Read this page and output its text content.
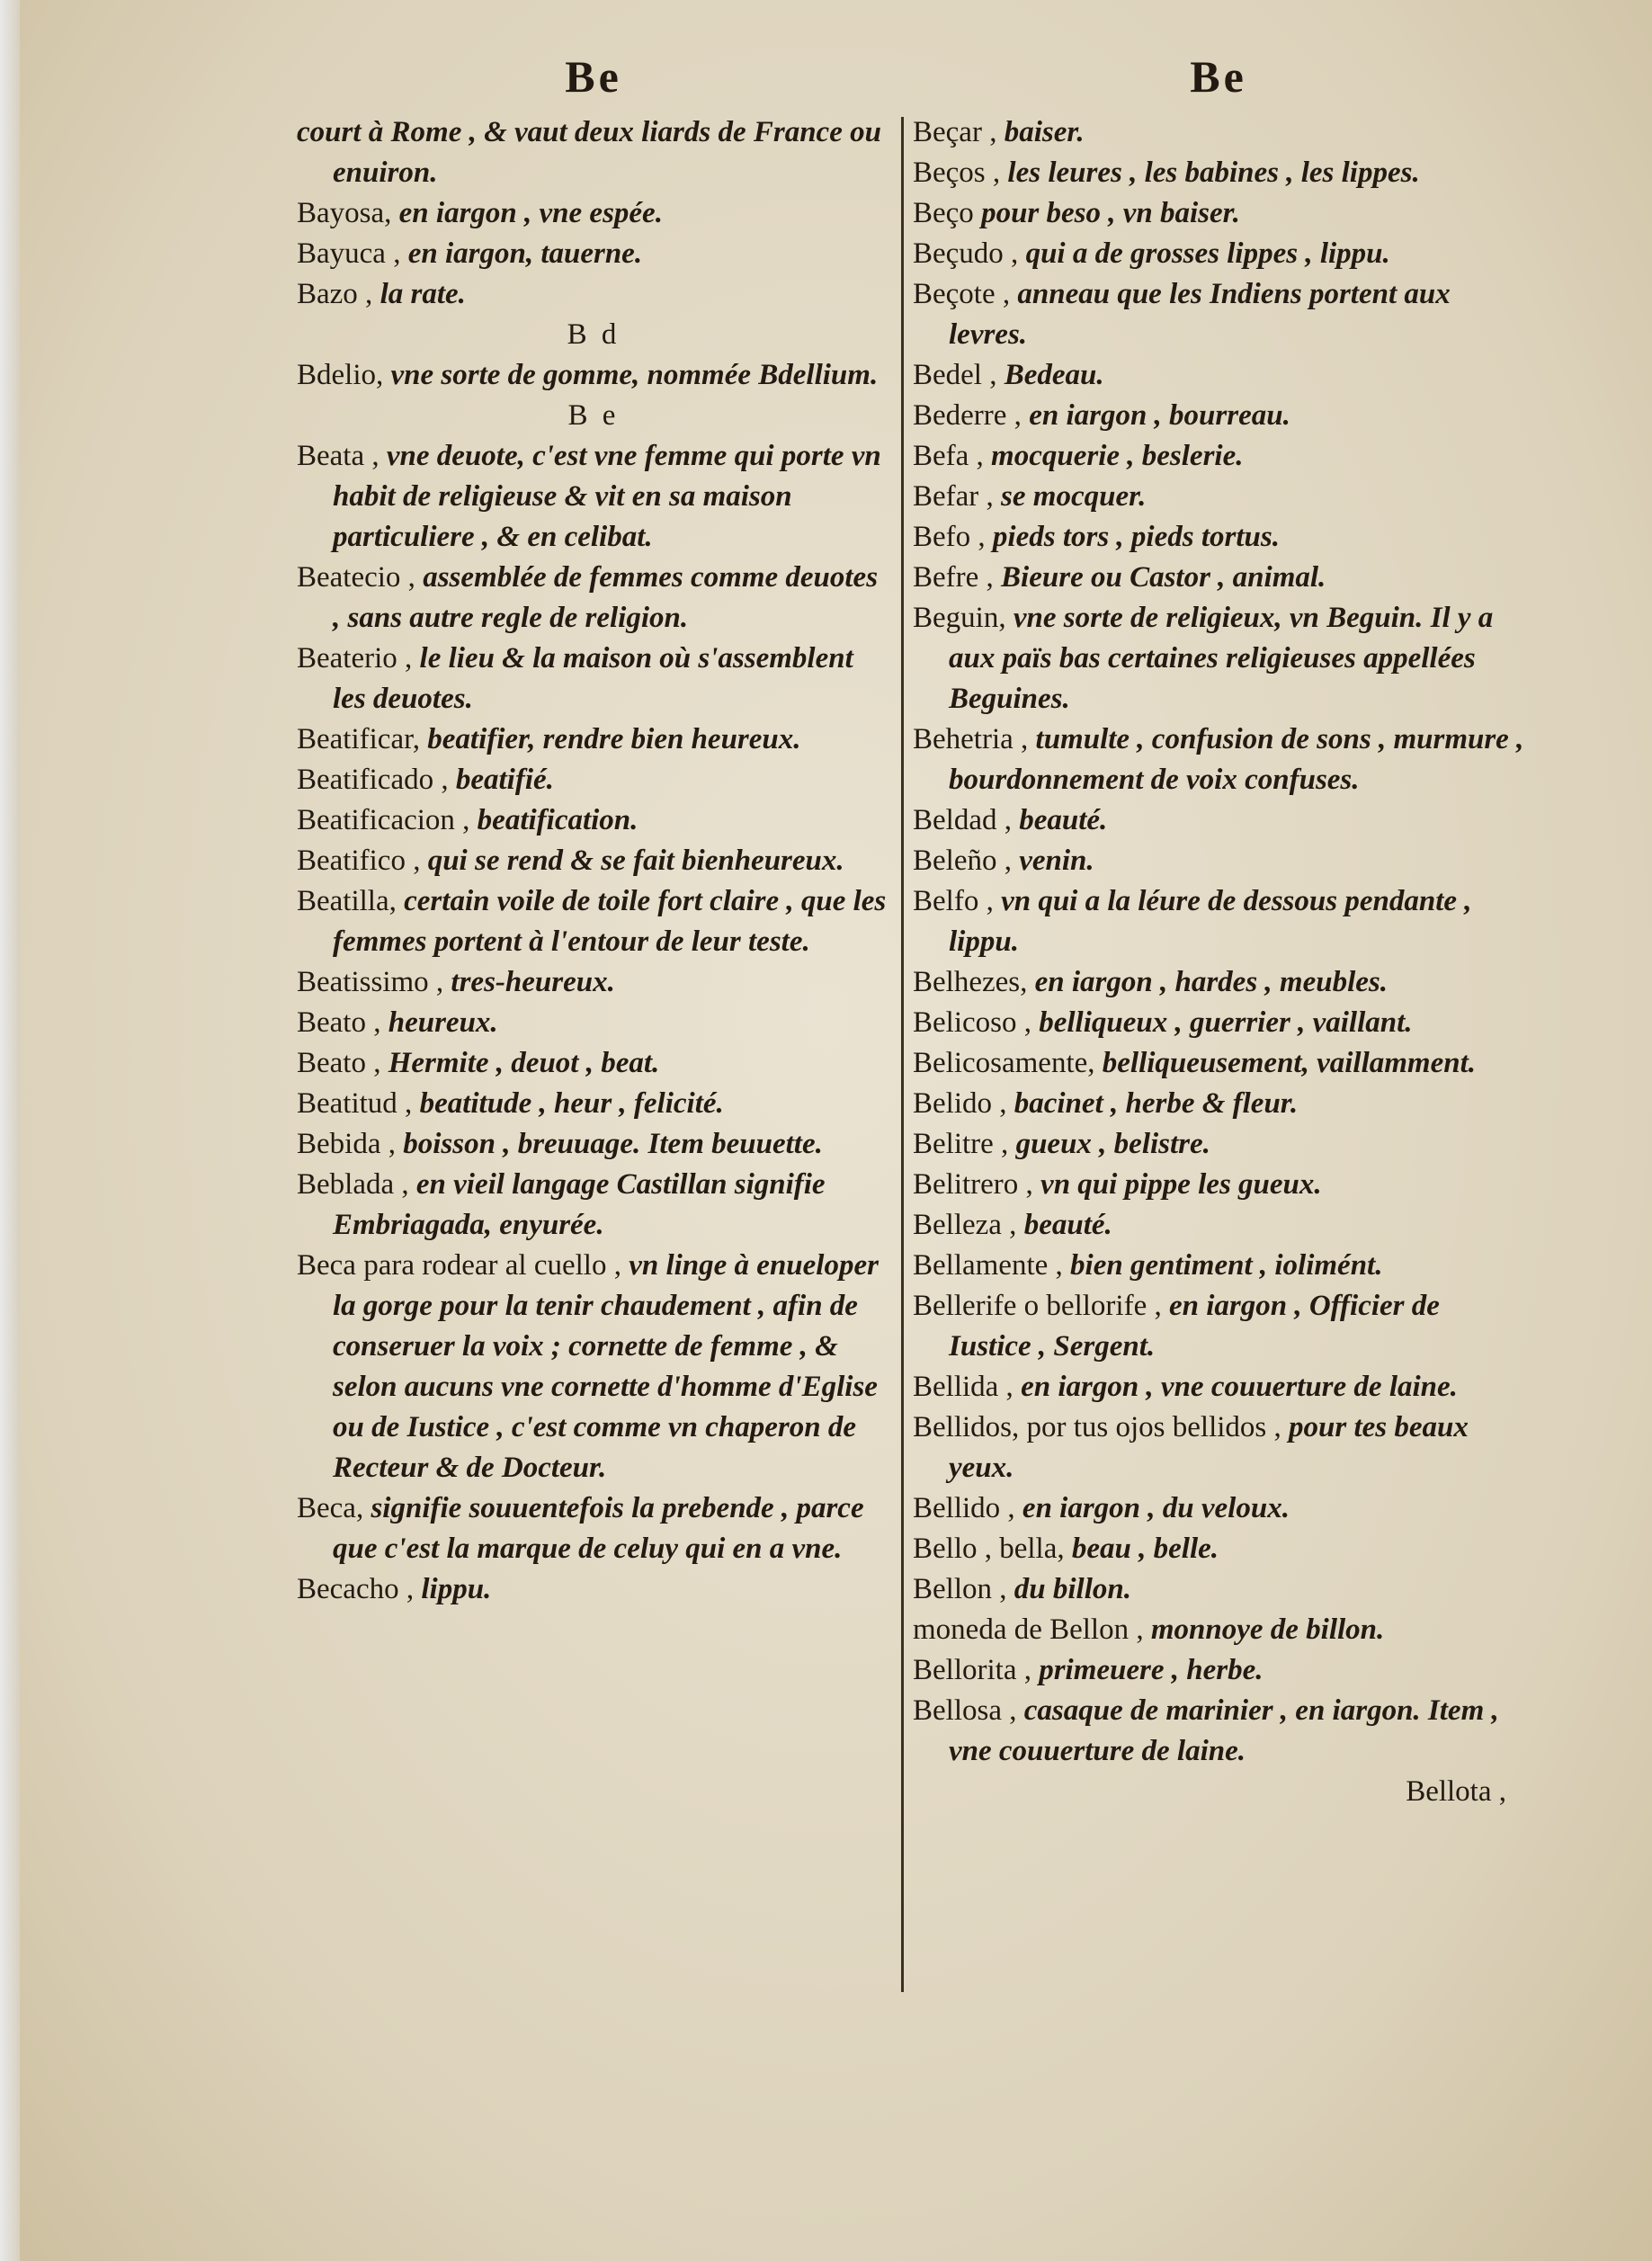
Be
court à Rome , & vaut deux liards de France ou enuiron.
Bayosa, en iargon , vne espée.
Bayuca , en iargon, tauerne.
Bazo , la rate.
B d
Bdelio, vne sorte de gomme, nommée Bdellium.
B e
Beata , vne deuote, c'est vne femme qui porte vn habit de religieuse & vit en sa maison particuliere , & en celibat.
Beatecio , assemblée de femmes comme deuotes , sans autre regle de religion.
Beaterio , le lieu & la maison où s'assemblent les deuotes.
Beatificar, beatifier, rendre bien heureux.
Beatificado , beatifié.
Beatificacion , beatification.
Beatifico , qui se rend & se fait bienheureux.
Beatilla, certain voile de toile fort claire , que les femmes portent à l'entour de leur teste.
Beatissimo , tres-heureux.
Beato , heureux.
Beato , Hermite , deuot , beat.
Beatitud , beatitude , heur , felicité.
Bebida , boisson , breuuage. Item beuuette.
Beblada , en vieil langage Castillan signifie Embriagada, enyurée.
Beca para rodear al cuello , vn linge à enueloper la gorge pour la tenir chaudement , afin de conseruer la voix ; cornette de femme , & selon aucuns vne cornette d'homme d'Eglise ou de Iustice , c'est comme vn chaperon de Recteur & de Docteur.
Beca, signifie souuentefois la prebende , parce que c'est la marque de celuy qui en a vne.
Becacho , lippu.
Be
Beçar , baiser.
Beços , les leures , les babines , les lippes.
Beço pour beso , vn baiser.
Beçudo , qui a de grosses lippes , lippu.
Beçote , anneau que les Indiens portent aux levres.
Bedel , Bedeau.
Bederre , en iargon , bourreau.
Befa , mocquerie , beslerie.
Befar , se mocquer.
Befo , pieds tors , pieds tortus.
Befre , Bieure ou Castor , animal.
Beguin, vne sorte de religieux, vn Beguin. Il y a aux païs bas certaines religieuses appellées Beguines.
Behetria , tumulte , confusion de sons , murmure , bourdonnement de voix confuses.
Beldad , beauté.
Beleño , venin.
Belfo , vn qui a la léure de dessous pendante , lippu.
Belhezes, en iargon , hardes , meubles.
Belicoso , belliqueux , guerrier , vaillant.
Belicosamente, belliqueusement, vaillamment.
Belido , bacinet , herbe & fleur.
Belitre , gueux , belistre.
Belitrero , vn qui pippe les gueux.
Belleza , beauté.
Bellamente , bien gentiment , iolimént.
Bellerife o bellorife , en iargon , Officier de Iustice , Sergent.
Bellida , en iargon , vne couuerture de laine.
Bellidos, por tus ojos bellidos , pour tes beaux yeux.
Bellido , en iargon , du veloux.
Bello , bella, beau , belle.
Bellon , du billon.
moneda de Bellon , monnoye de billon.
Bellorita , primeuere , herbe.
Bellosa , casaque de marinier , en iargon. Item , vne couuerture de laine.
Bellota ,
